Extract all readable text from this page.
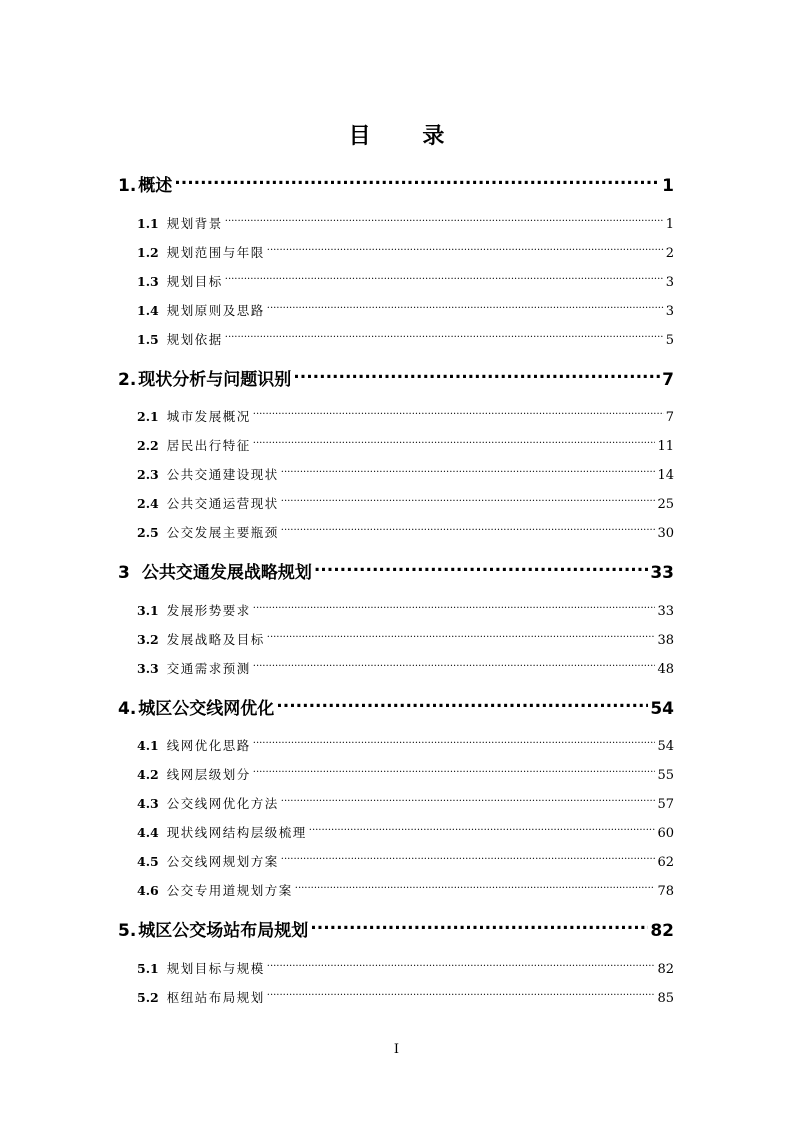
目 录
1. 概述 .....	1
1.1 规划背景 .....	1
1.2 规划范围与年限 .....	2
1.3 规划目标 .....	3
1.4 规划原则及思路 .....	3
1.5 规划依据 .....	5
2. 现状分析与问题识别 .....	7
2.1 城市发展概况 .....	7
2.2 居民出行特征 .....	11
2.3 公共交通建设现状 .....	14
2.4 公共交通运营现状 .....	25
2.5 公交发展主要瓶颈 .....	30
3 公共交通发展战略规划 .....	33
3.1 发展形势要求 .....	33
3.2 发展战略及目标 .....	38
3.3 交通需求预测 .....	48
4. 城区公交线网优化 .....	54
4.1 线网优化思路 .....	54
4.2 线网层级划分 .....	55
4.3 公交线网优化方法 .....	57
4.4 现状线网结构层级梳理 .....	60
4.5 公交线网规划方案 .....	62
4.6 公交专用道规划方案 .....	78
5. 城区公交场站布局规划 .....	82
5.1 规划目标与规模 .....	82
5.2 枢纽站布局规划 .....	85
I
